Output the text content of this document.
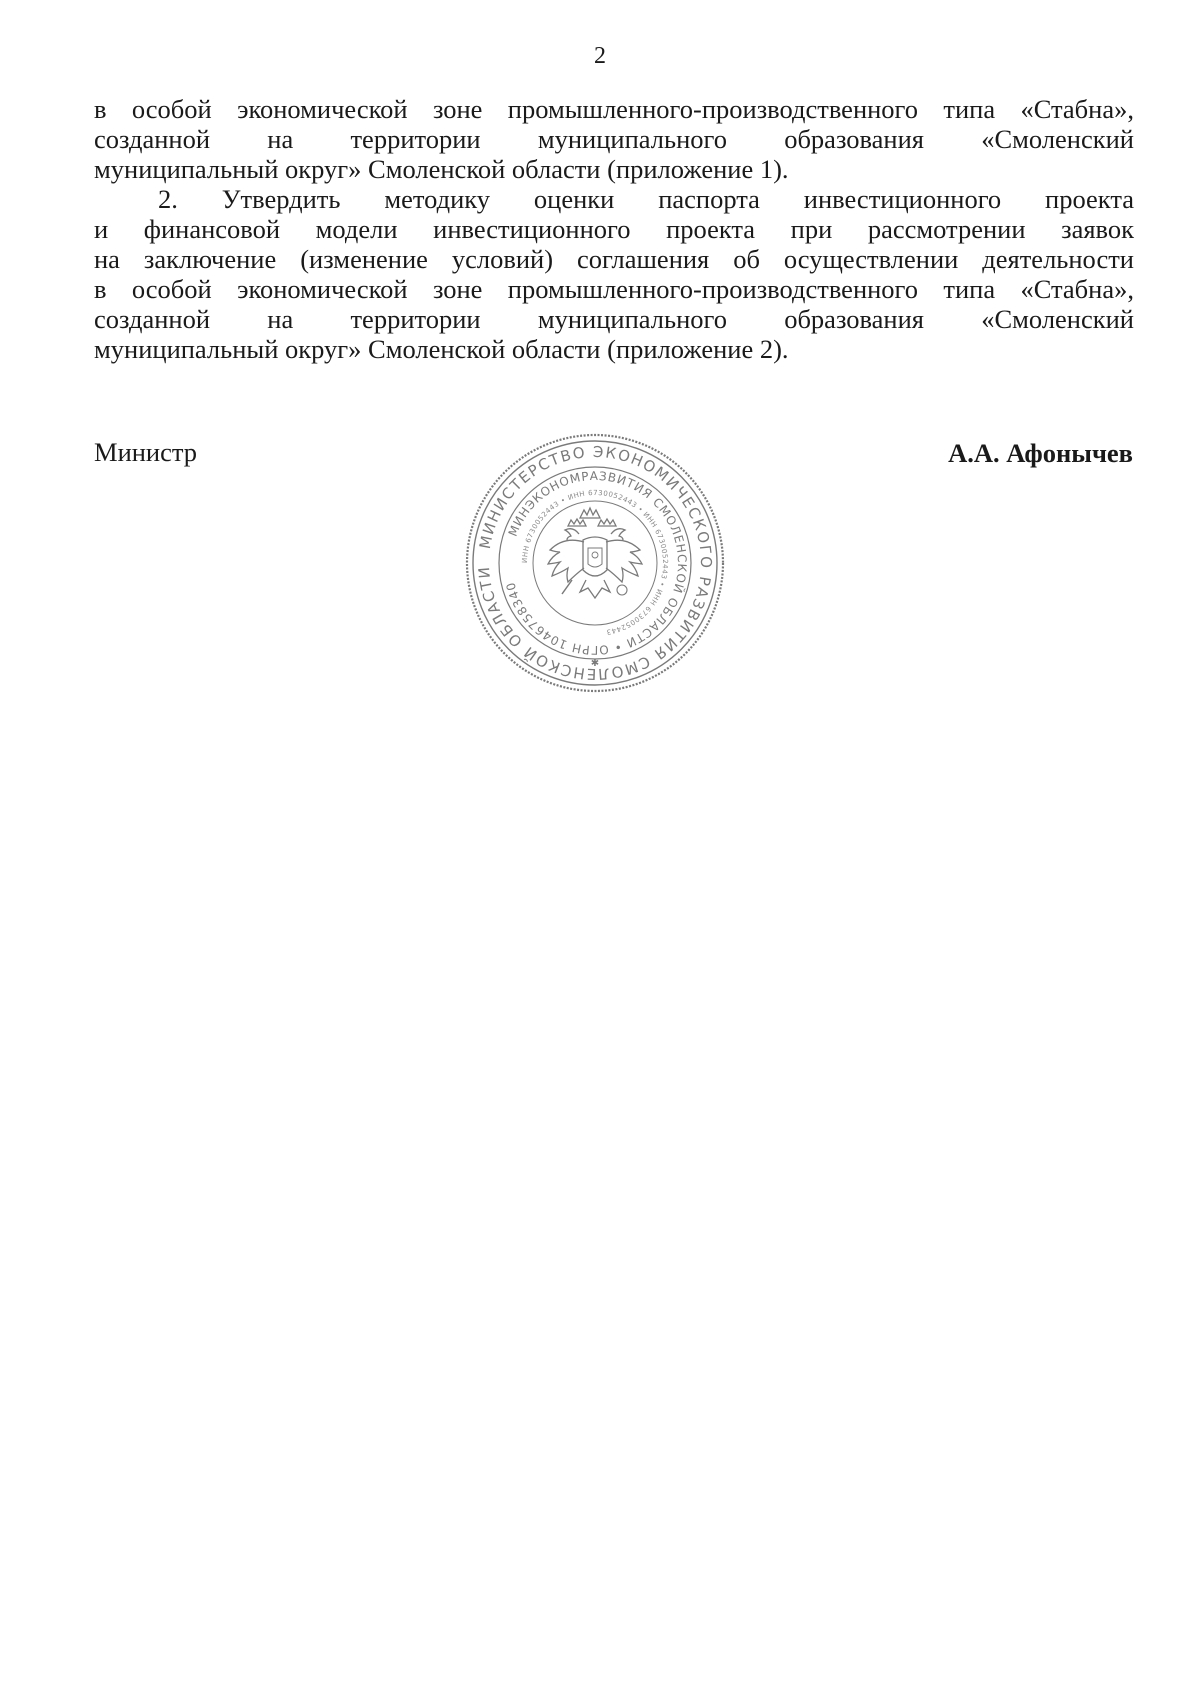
2

в особой экономической зоне промышленного-производственного типа «Стабна»,
созданной на территории муниципального образования «Смоленский
муниципальный округ» Смоленской области (приложение 1).

2. Утвердить методику оценки паспорта инвестиционного проекта
и финансовой модели инвестиционного проекта при рассмотрении заявок
на заключение (изменение условий) соглашения об осуществлении деятельности
в особой экономической зоне промышленного-производственного типа «Стабна»,
созданной на территории муниципального образования «Смоленский
муниципальный округ» Смоленской области (приложение 2).

Министр	А.А. Афонычев
МИНИСТЕРСТВО ЭКОНОМИЧЕСКОГО РАЗВИТИЯ СМОЛЕНСКОЙ ОБЛАСТИ
МИНЭКОНОМРАЗВИТИЯ СМОЛЕНСКОЙ ОБЛАСТИ • ОГРН 1046758340
ИНН 6730052443 • ИНН 6730052443 • ИНН 6730052443 • ИНН 6730052443
✱
